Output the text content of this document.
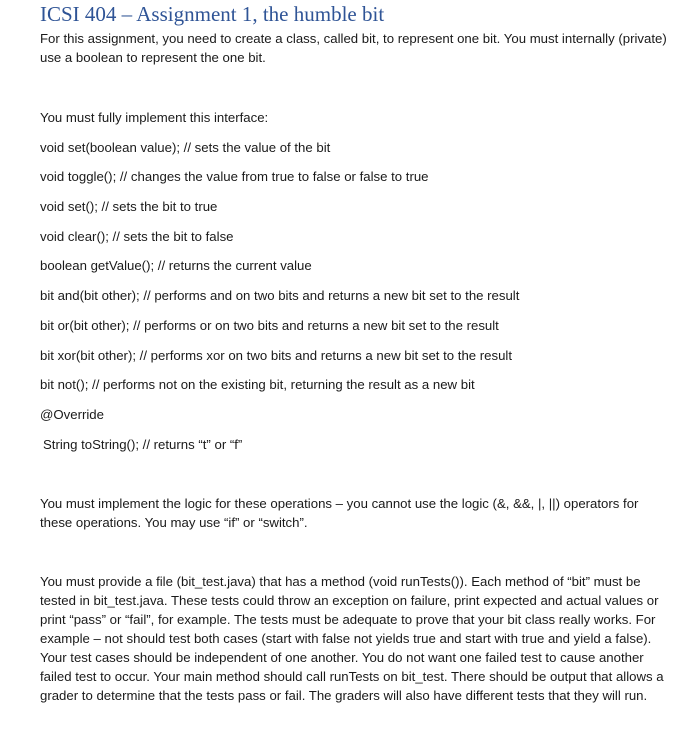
ICSI 404 – Assignment 1, the humble bit

For this assignment, you need to create a class, called bit, to represent one bit. You must internally (private) use a boolean to represent the one bit.

You must fully implement this interface:

void set(boolean value); // sets the value of the bit

void toggle(); // changes the value from true to false or false to true

void set(); // sets the bit to true

void clear(); // sets the bit to false

boolean getValue(); // returns the current value

bit and(bit other); // performs and on two bits and returns a new bit set to the result

bit or(bit other); // performs or on two bits and returns a new bit set to the result

bit xor(bit other); // performs xor on two bits and returns a new bit set to the result

bit not(); // performs not on the existing bit, returning the result as a new bit

@Override

String toString(); // returns “t” or “f”

You must implement the logic for these operations – you cannot use the logic (&, &&, |, ||) operators for these operations. You may use “if” or “switch”.

You must provide a file (bit_test.java) that has a method (void runTests()). Each method of “bit” must be tested in bit_test.java. These tests could throw an exception on failure, print expected and actual values or print “pass” or “fail”, for example. The tests must be adequate to prove that your bit class really works. For example – not should test both cases (start with false not yields true and start with true and yield a false). Your test cases should be independent of one another. You do not want one failed test to cause another failed test to occur. Your main method should call runTests on bit_test. There should be output that allows a grader to determine that the tests pass or fail. The graders will also have different tests that they will run.
